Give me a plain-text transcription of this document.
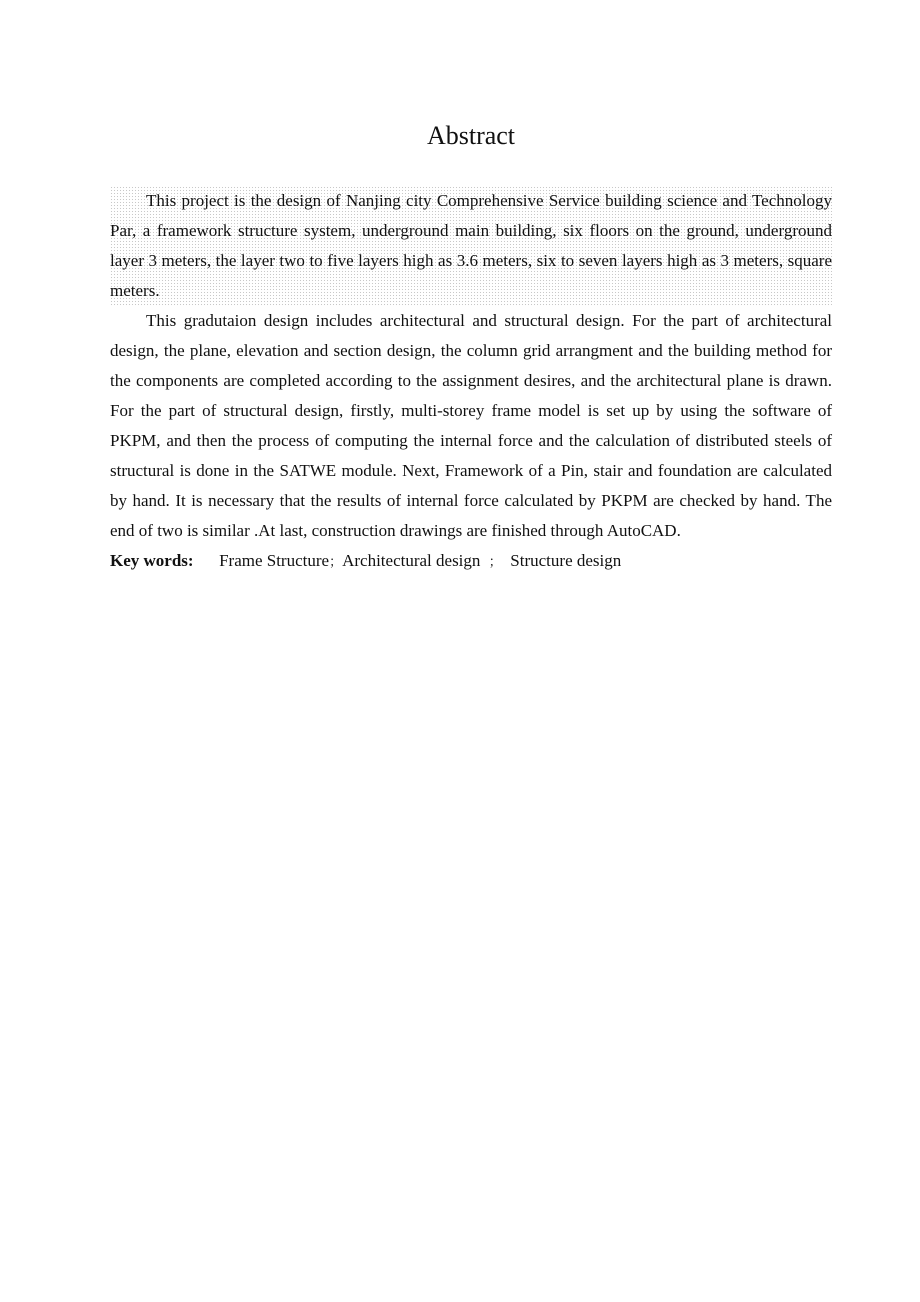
Abstract

This project is the design of Nanjing city Comprehensive Service building science and Technology Par, a framework structure system, underground main building, six floors on the ground, underground layer 3 meters, the layer two to five layers high as 3.6 meters, six to seven layers high as 3 meters, square meters.

This gradutaion design includes architectural and structural design. For the part of architectural design, the plane, elevation and section design, the column grid arrangment and the building method for the components are completed according to the assignment desires, and the architectural plane is drawn. For the part of structural design, firstly, multi-storey frame model is set up by using the software of PKPM, and then the process of computing the internal force and the calculation of distributed steels of structural is done in the SATWE module. Next, Framework of a Pin, stair and foundation are calculated by hand. It is necessary that the results of internal force calculated by PKPM are checked by hand. The end of two is similar .At last, construction drawings are finished through AutoCAD.

Key words: Frame Structure；Architectural design  ； Structure design
